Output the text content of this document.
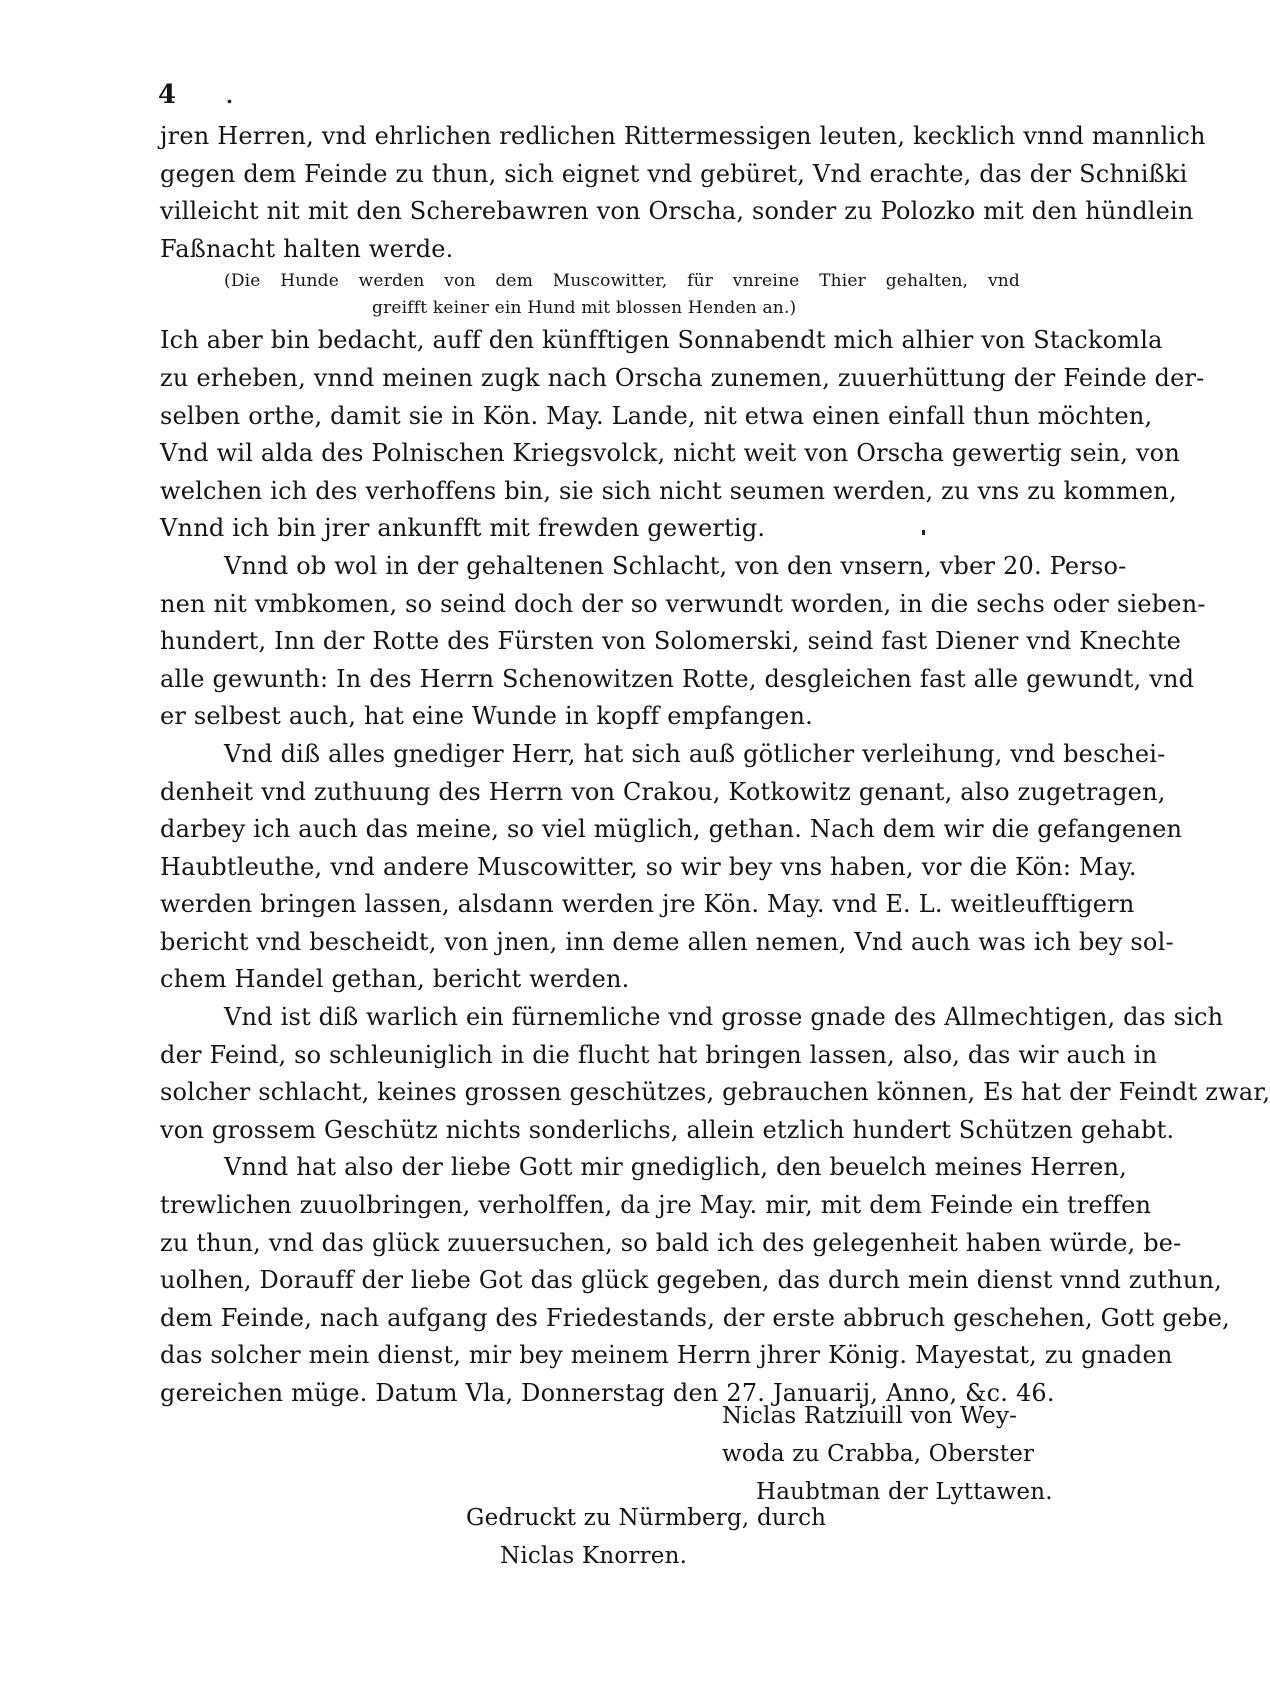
4 .
jren Herren, vnd ehrlichen redlichen Rittermessigen leuten, kecklich vnnd mannlich
gegen dem Feinde zu thun, sich eignet vnd gebüret, Vnd erachte, das der Schnißki
villeicht nit mit den Scherebawren von Orscha, sonder zu Polozko mit den hündlein
Faßnacht halten werde.
(Die Hunde werden von dem Muscowitter, für vnreine Thier gehalten, vnd
greifft keiner ein Hund mit blossen Henden an.)
Ich aber bin bedacht, auff den künfftigen Sonnabendt mich alhier von Stackomla
zu erheben, vnnd meinen zugk nach Orscha zunemen, zuuerhüttung der Feinde der-
selben orthe, damit sie in Kön. May. Lande, nit etwa einen einfall thun möchten,
Vnd wil alda des Polnischen Kriegsvolck, nicht weit von Orscha gewertig sein, von
welchen ich des verhoffens bin, sie sich nicht seumen werden, zu vns zu kommen,
Vnnd ich bin jrer ankunfft mit frewden gewertig.
Vnnd ob wol in der gehaltenen Schlacht, von den vnsern, vber 20. Perso-
nen nit vmbkomen, so seind doch der so verwundt worden, in die sechs oder sieben-
hundert, Inn der Rotte des Fürsten von Solomerski, seind fast Diener vnd Knechte
alle gewunth: In des Herrn Schenowitzen Rotte, desgleichen fast alle gewundt, vnd
er selbest auch, hat eine Wunde in kopff empfangen.
Vnd diß alles gnediger Herr, hat sich auß götlicher verleihung, vnd beschei-
denheit vnd zuthuung des Herrn von Crakou, Kotkowitz genant, also zugetragen,
darbey ich auch das meine, so viel müglich, gethan. Nach dem wir die gefangenen
Haubtleuthe, vnd andere Muscowitter, so wir bey vns haben, vor die Kön: May.
werden bringen lassen, alsdann werden jre Kön. May. vnd E. L. weitleufftigern
bericht vnd bescheidt, von jnen, inn deme allen nemen, Vnd auch was ich bey sol-
chem Handel gethan, bericht werden.
Vnd ist diß warlich ein fürnemliche vnd grosse gnade des Allmechtigen, das sich
der Feind, so schleuniglich in die flucht hat bringen lassen, also, das wir auch in
solcher schlacht, keines grossen geschützes, gebrauchen können, Es hat der Feindt zwar,
von grossem Geschütz nichts sonderlichs, allein etzlich hundert Schützen gehabt.
Vnnd hat also der liebe Gott mir gnediglich, den beuelch meines Herren,
trewlichen zuuolbringen, verholffen, da jre May. mir, mit dem Feinde ein treffen
zu thun, vnd das glück zuuersuchen, so bald ich des gelegenheit haben würde, be-
uolhen, Dorauff der liebe Got das glück gegeben, das durch mein dienst vnnd zuthun,
dem Feinde, nach aufgang des Friedestands, der erste abbruch geschehen, Gott gebe,
das solcher mein dienst, mir bey meinem Herrn jhrer König. Mayestat, zu gnaden
gereichen müge. Datum Vla, Donnerstag den 27. Januarij, Anno, &c. 46.
Niclas Ratziuill von Wey-
woda zu Crabba, Oberster
Haubtman der Lyttawen.
Gedruckt zu Nürmberg, durch
Niclas Knorren.
